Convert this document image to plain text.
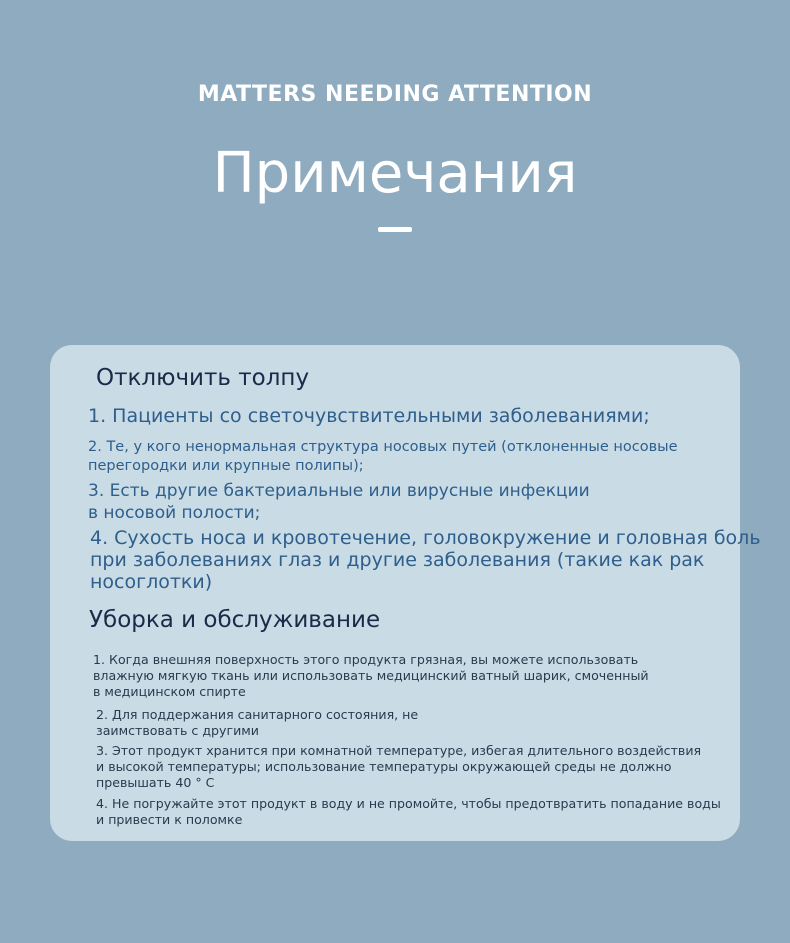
MATTERS NEEDING ATTENTION
Примечания

Отключить толпу

1. Пациенты со светочувствительными заболеваниями;

2. Те, у кого ненормальная структура носовых путей (отклоненные носовые

перегородки или крупные полипы);

3. Есть другие бактериальные или вирусные инфекции

в носовой полости;

4. Сухость носа и кровотечение, головокружение и головная боль

при заболеваниях глаз и другие заболевания (такие как рак

носоглотки)

Уборка и обслуживание

1. Когда внешняя поверхность этого продукта грязная, вы можете использовать

влажную мягкую ткань или использовать медицинский ватный шарик, смоченный

в медицинском спирте

2. Для поддержания санитарного состояния, не

заимствовать с другими

3. Этот продукт хранится при комнатной температуре, избегая длительного воздействия

и высокой температуры; использование температуры окружающей среды не должно

превышать 40 ° C

4. Не погружайте этот продукт в воду и не промойте, чтобы предотвратить попадание воды

и привести к поломке
